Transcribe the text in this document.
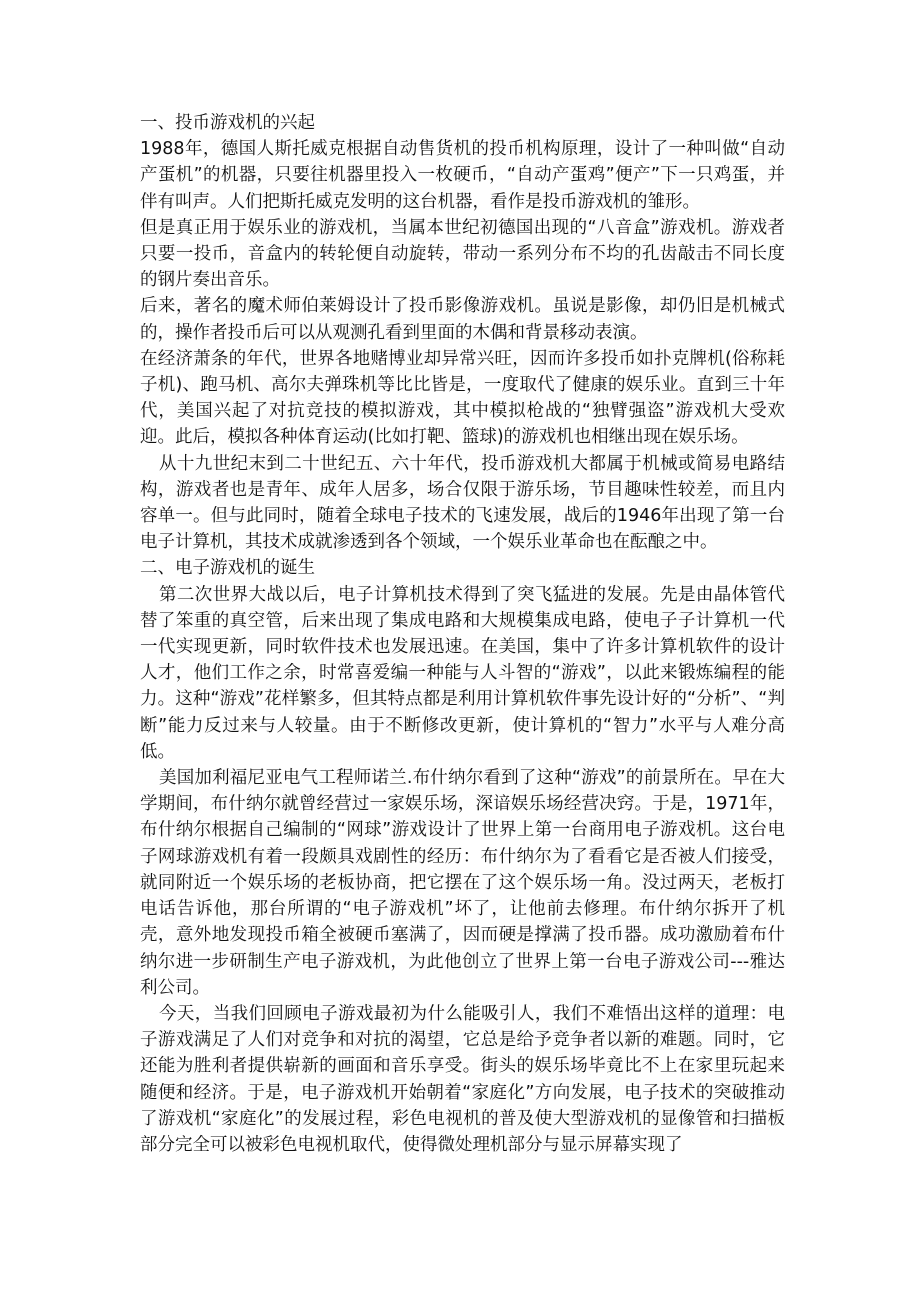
一、投币游戏机的兴起

1988年，德国人斯托威克根据自动售货机的投币机构原理，设计了一种叫做“自动产蛋机”的机器，只要往机器里投入一枚硬币，“自动产蛋鸡”便产”下一只鸡蛋，并伴有叫声。人们把斯托威克发明的这台机器，看作是投币游戏机的雏形。

但是真正用于娱乐业的游戏机，当属本世纪初德国出现的“八音盒”游戏机。游戏者只要一投币，音盒内的转轮便自动旋转，带动一系列分布不均的孔齿敲击不同长度的钢片奏出音乐。

后来，著名的魔术师伯莱姆设计了投币影像游戏机。虽说是影像，却仍旧是机械式的，操作者投币后可以从观测孔看到里面的木偶和背景移动表演。

在经济萧条的年代，世界各地赌博业却异常兴旺，因而许多投币如扑克牌机(俗称耗子机)、跑马机、高尔夫弹珠机等比比皆是，一度取代了健康的娱乐业。直到三十年代，美国兴起了对抗竞技的模拟游戏，其中模拟枪战的“独臂强盗”游戏机大受欢迎。此后，模拟各种体育运动(比如打靶、篮球)的游戏机也相继出现在娱乐场。

从十九世纪末到二十世纪五、六十年代，投币游戏机大都属于机械或简易电路结构，游戏者也是青年、成年人居多，场合仅限于游乐场，节目趣味性较差，而且内容单一。但与此同时，随着全球电子技术的飞速发展，战后的1946年出现了第一台电子计算机，其技术成就渗透到各个领域，一个娱乐业革命也在酝酿之中。

二、电子游戏机的诞生

第二次世界大战以后，电子计算机技术得到了突飞猛进的发展。先是由晶体管代替了笨重的真空管，后来出现了集成电路和大规模集成电路，使电子子计算机一代一代实现更新，同时软件技术也发展迅速。在美国，集中了许多计算机软件的设计人才，他们工作之余，时常喜爱编一种能与人斗智的“游戏”，以此来锻炼编程的能力。这种“游戏”花样繁多，但其特点都是利用计算机软件事先设计好的“分析”、“判断”能力反过来与人较量。由于不断修改更新，使计算机的“智力”水平与人难分高低。

美国加利福尼亚电气工程师诺兰.布什纳尔看到了这种“游戏”的前景所在。早在大学期间，布什纳尔就曾经营过一家娱乐场，深谙娱乐场经营决窍。于是，1971年，布什纳尔根据自己编制的“网球”游戏设计了世界上第一台商用电子游戏机。这台电子网球游戏机有着一段颇具戏剧性的经历：布什纳尔为了看看它是否被人们接受，就同附近一个娱乐场的老板协商，把它摆在了这个娱乐场一角。没过两天，老板打电话告诉他，那台所谓的“电子游戏机”坏了，让他前去修理。布什纳尔拆开了机壳，意外地发现投币箱全被硬币塞满了，因而硬是撑满了投币器。成功激励着布什纳尔进一步研制生产电子游戏机，为此他创立了世界上第一台电子游戏公司---雅达利公司。

今天，当我们回顾电子游戏最初为什么能吸引人，我们不难悟出这样的道理：电子游戏满足了人们对竞争和对抗的渴望，它总是给予竞争者以新的难题。同时，它还能为胜利者提供崭新的画面和音乐享受。街头的娱乐场毕竟比不上在家里玩起来随便和经济。于是，电子游戏机开始朝着“家庭化”方向发展，电子技术的突破推动了游戏机“家庭化”的发展过程，彩色电视机的普及使大型游戏机的显像管和扫描板部分完全可以被彩色电视机取代，使得微处理机部分与显示屏幕实现了
